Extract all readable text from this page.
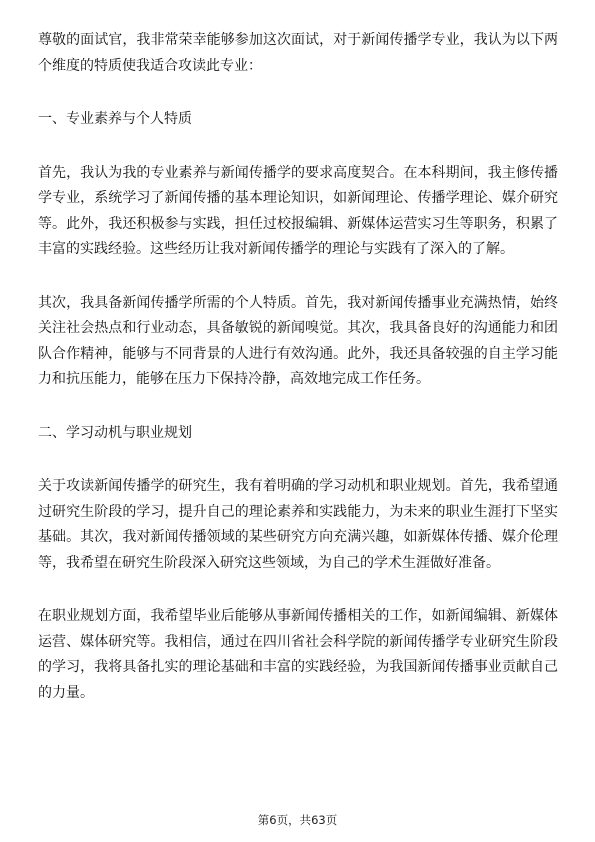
尊敬的面试官，我非常荣幸能够参加这次面试，对于新闻传播学专业，我认为以下两个维度的特质使我适合攻读此专业：

一、专业素养与个人特质

首先，我认为我的专业素养与新闻传播学的要求高度契合。在本科期间，我主修传播学专业，系统学习了新闻传播的基本理论知识，如新闻理论、传播学理论、媒介研究等。此外，我还积极参与实践，担任过校报编辑、新媒体运营实习生等职务，积累了丰富的实践经验。这些经历让我对新闻传播学的理论与实践有了深入的了解。

其次，我具备新闻传播学所需的个人特质。首先，我对新闻传播事业充满热情，始终关注社会热点和行业动态，具备敏锐的新闻嗅觉。其次，我具备良好的沟通能力和团队合作精神，能够与不同背景的人进行有效沟通。此外，我还具备较强的自主学习能力和抗压能力，能够在压力下保持冷静，高效地完成工作任务。

二、学习动机与职业规划

关于攻读新闻传播学的研究生，我有着明确的学习动机和职业规划。首先，我希望通过研究生阶段的学习，提升自己的理论素养和实践能力，为未来的职业生涯打下坚实基础。其次，我对新闻传播领域的某些研究方向充满兴趣，如新媒体传播、媒介伦理等，我希望在研究生阶段深入研究这些领域，为自己的学术生涯做好准备。

在职业规划方面，我希望毕业后能够从事新闻传播相关的工作，如新闻编辑、新媒体运营、媒体研究等。我相信，通过在四川省社会科学院的新闻传播学专业研究生阶段的学习，我将具备扎实的理论基础和丰富的实践经验，为我国新闻传播事业贡献自己的力量。

第6页，共63页
